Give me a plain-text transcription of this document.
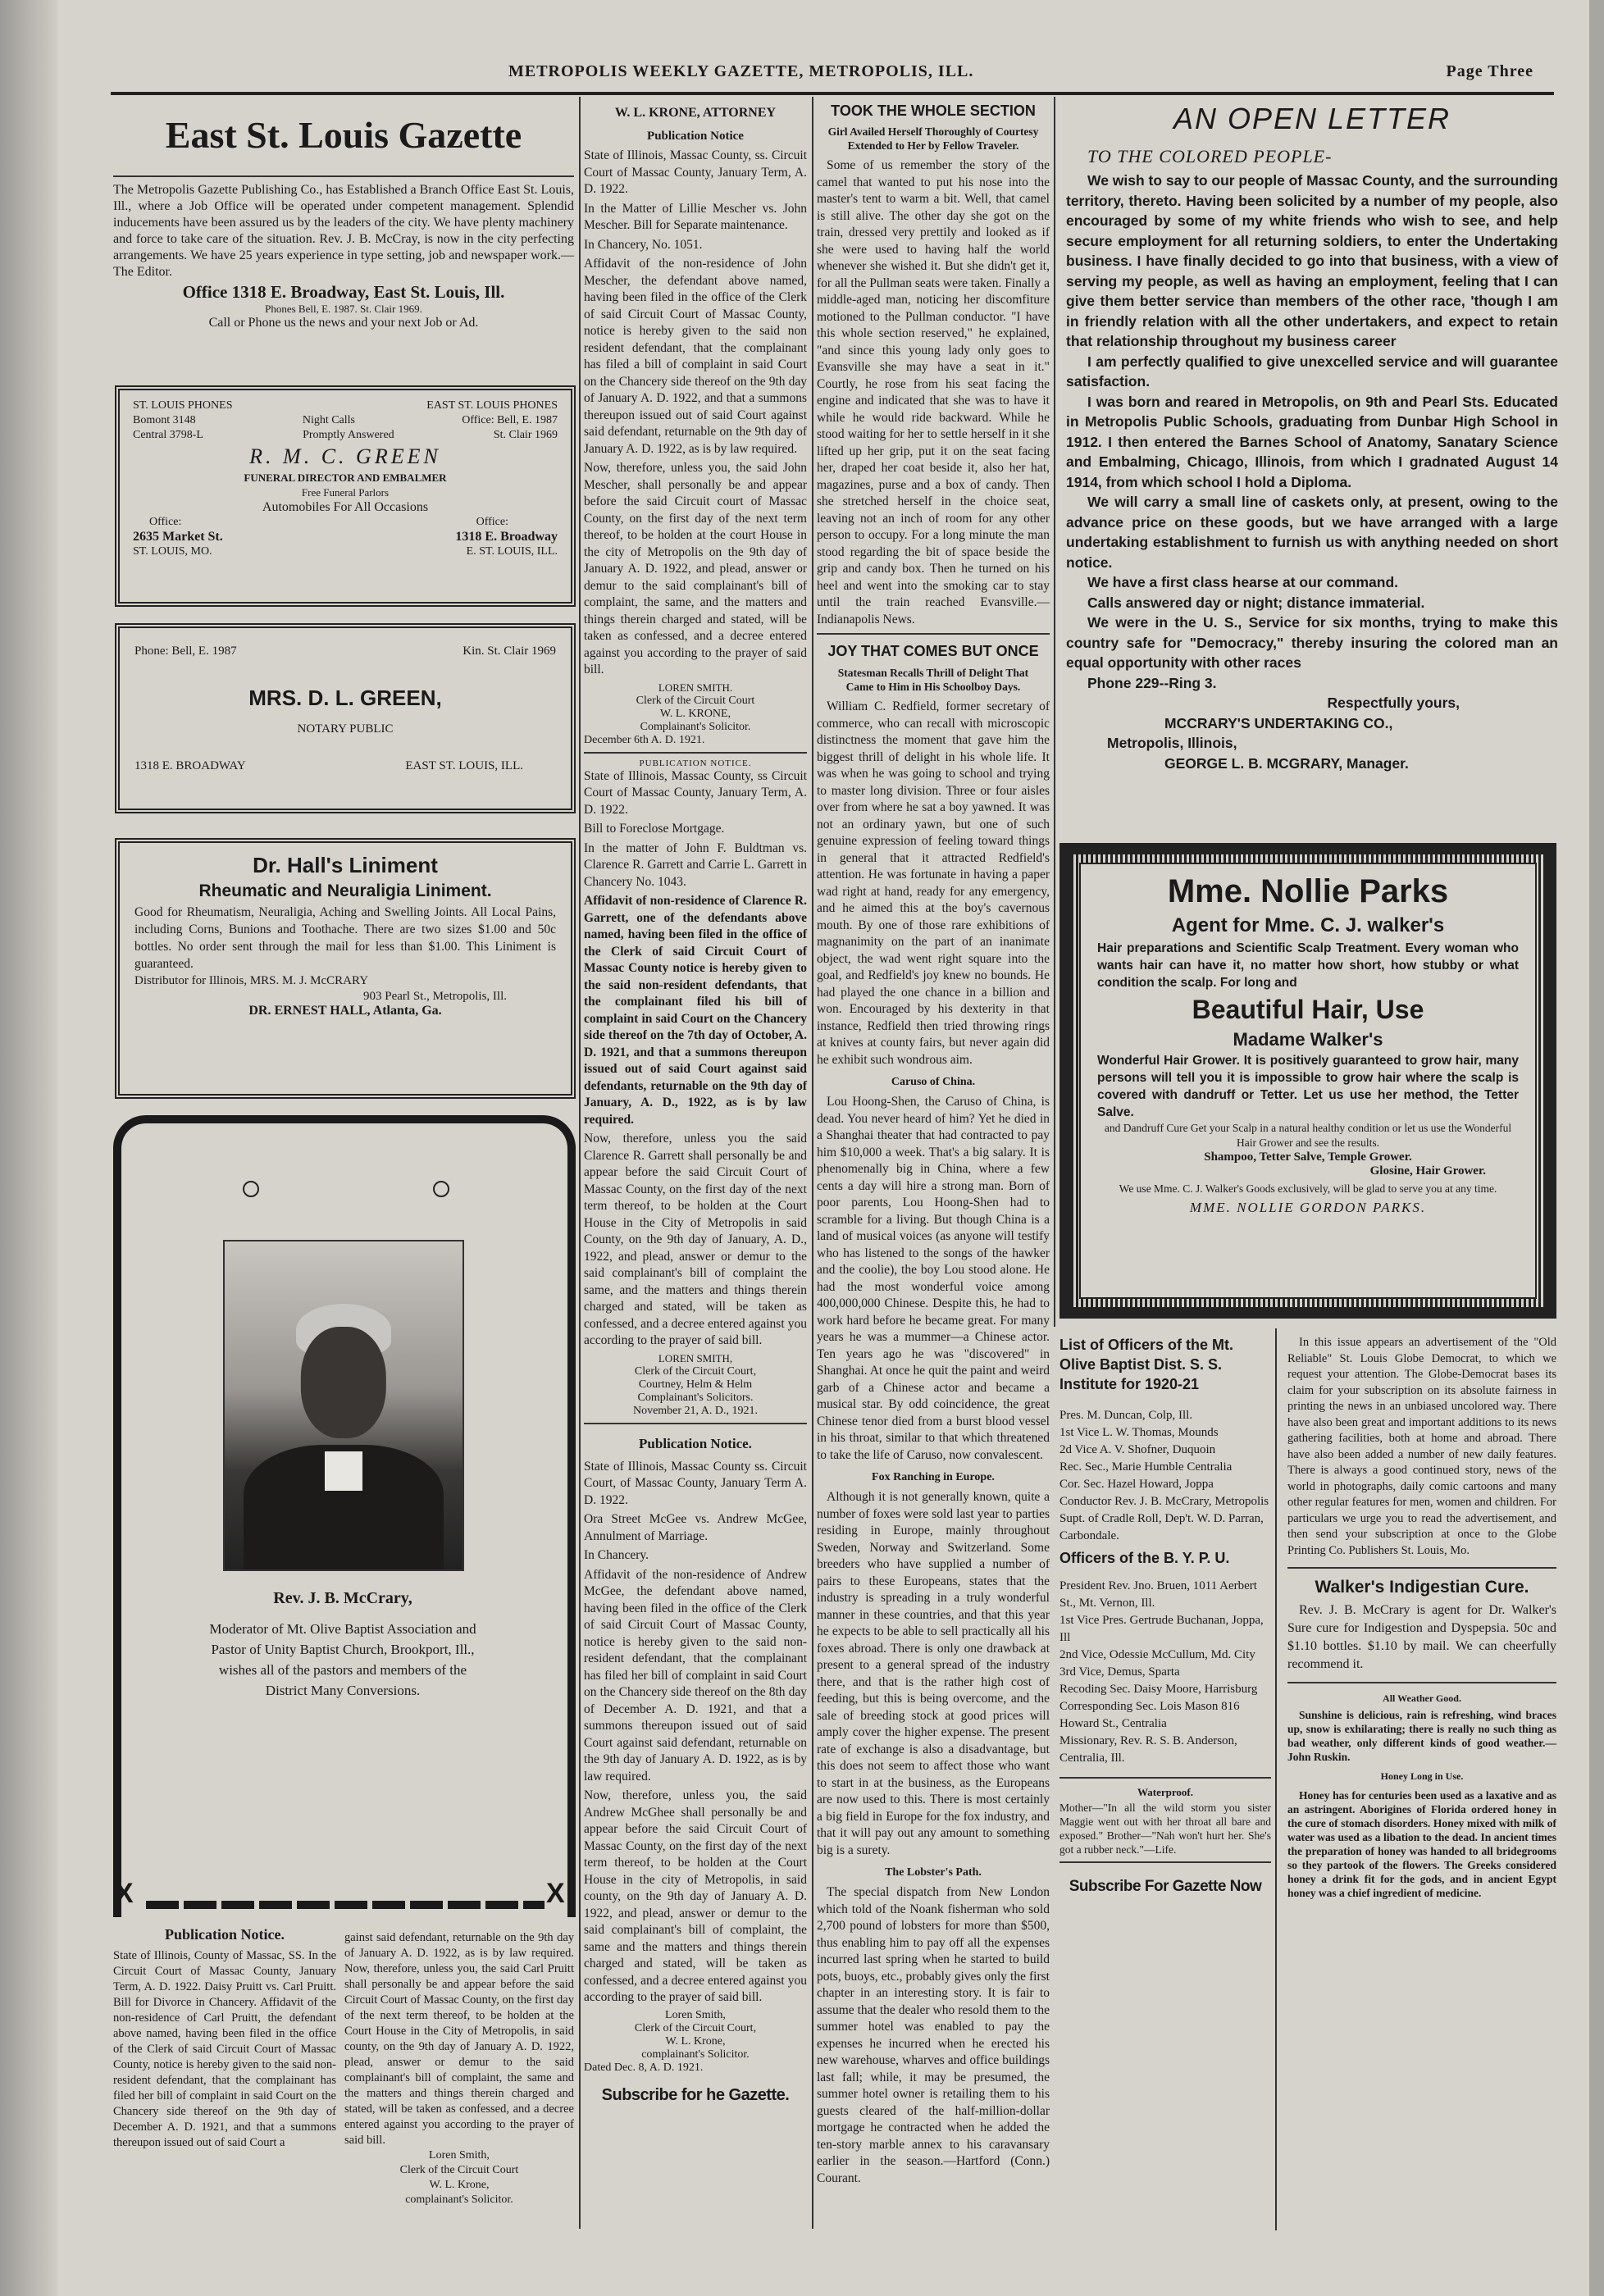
METROPOLIS WEEKLY GAZETTE, METROPOLIS, ILL.	Page Three
East St. Louis Gazette
The Metropolis Gazette Publishing Co., has Established a Branch Office East St. Louis, Ill., where a Job Office will be operated under competent management. Splendid inducements have been assured us by the leaders of the city. We have plenty machinery and force to take care of the situation. Rev. J. B. McCray, is now in the city perfecting arrangements. We have 25 years experience in type setting, job and newspaper work.—The Editor.
Office 1318 E. Broadway, East St. Louis, Ill.
Phones Bell, E. 1987. St. Clair 1969.
Call or Phone us the news and your next Job or Ad.
ST. LOUIS PHONES	EAST ST. LOUIS PHONES
Bomont 3148	Night Calls	Office: Bell, E. 1987
Central 3798-L	Promptly Answered	St. Clair 1969
R. M. C. GREEN
FUNERAL DIRECTOR AND EMBALMER
Free Funeral Parlors
Automobiles For All Occasions
Office:	Office:
2635 Market St.	1318 E. Broadway
ST. LOUIS, MO.	E. ST. LOUIS, ILL.
Phone: Bell, E. 1987	Kin. St. Clair 1969
MRS. D. L. GREEN,
NOTARY PUBLIC
1318 E. BROADWAY	EAST ST. LOUIS, ILL.
Dr. Hall's Liniment
Rheumatic and Neuraligia Liniment.
Good for Rheumatism, Neuraligia, Aching and Swelling Joints. All Local Pains, including Corns, Bunions and Toothache. There are two sizes $1.00 and 50c bottles. No order sent through the mail for less than $1.00. This Liniment is guaranteed.
Distributor for Illinois, MRS. M. J. McCRARY
903 Pearl St., Metropolis, Ill.
DR. ERNEST HALL, Atlanta, Ga.
Rev. J. B. McCrary,
Moderator of Mt. Olive Baptist Association and Pastor of Unity Baptist Church, Brookport, Ill., wishes all of the pastors and members of the District Many Conversions.
X	X
Publication Notice.
State of Illinois, County of Massac, SS. In the Circuit Court of Massac County, January Term, A. D. 1922. Daisy Pruitt vs. Carl Pruitt. Bill for Divorce in Chancery. Affidavit of the non-residence of Carl Pruitt, the defendant above named, having been filed in the office of the Clerk of said Circuit Court of Massac County, notice is hereby given to the said non-resident defendant, that the complainant has filed her bill of complaint in said Court on the Chancery side thereof on the 9th day of December A. D. 1921, and that a summons thereupon issued out of said Court a
gainst said defendant, returnable on the 9th day of January A. D. 1922, as is by law required. Now, therefore, unless you, the said Carl Pruitt shall personally be and appear before the said Circuit Court of Massac County, on the first day of the next term thereof, to be holden at the Court House in the City of Metropolis, in said county, on the 9th day of January A. D. 1922, plead, answer or demur to the said complainant's bill of complaint, the same and the matters and things therein charged and stated, will be taken as confessed, and a decree entered against you according to the prayer of said bill.
Loren Smith,
Clerk of the Circuit Court
W. L. Krone,
complainant's Solicitor.
W. L. KRONE, ATTORNEY
Publication Notice

State of Illinois, Massac County, ss. Circuit Court of Massac County, January Term, A. D. 1922.

In the Matter of Lillie Mescher vs. John Mescher. Bill for Separate maintenance.

In Chancery, No. 1051.

Affidavit of the non-residence of John Mescher, the defendant above named, having been filed in the office of the Clerk of said Circuit Court of Massac County, notice is hereby given to the said non resident defendant, that the complainant has filed a bill of complaint in said Court on the Chancery side thereof on the 9th day of January A. D. 1922, and that a summons thereupon issued out of said Court against said defendant, returnable on the 9th day of January A. D. 1922, as is by law required.

Now, therefore, unless you, the said John Mescher, shall personally be and appear before the said Circuit court of Massac County, on the first day of the next term thereof, to be holden at the court House in the city of Metropolis on the 9th day of January A. D. 1922, and plead, answer or demur to the said complainant's bill of complaint, the same, and the matters and things therein charged and stated, will be taken as confessed, and a decree entered against you according to the prayer of said bill.

LOREN SMITH.
Clerk of the Circuit Court
W. L. KRONE,
Complainant's Solicitor.
December 6th A. D. 1921.
PUBLICATION NOTICE.

State of Illinois, Massac County, ss Circuit Court of Massac County, January Term, A. D. 1922.

Bill to Foreclose Mortgage.

In the matter of John F. Buldtman vs. Clarence R. Garrett and Carrie L. Garrett in Chancery No. 1043.

Affidavit of non-residence of Clarence R. Garrett, one of the defendants above named, having been filed in the office of the Clerk of said Circuit Court of Massac County notice is hereby given to the said non-resident defendants, that the complainant filed his bill of complaint in said Court on the Chancery side thereof on the 7th day of October, A. D. 1921, and that a summons thereupon issued out of said Court against said defendants, returnable on the 9th day of January, A. D., 1922, as is by law required.

Now, therefore, unless you the said Clarence R. Garrett shall personally be and appear before the said Circuit Court of Massac County, on the first day of the next term thereof, to be holden at the Court House in the City of Metropolis in said County, on the 9th day of January, A. D., 1922, and plead, answer or demur to the said complainant's bill of complaint the same, and the matters and things therein charged and stated, will be taken as confessed, and a decree entered against you according to the prayer of said bill.

LOREN SMITH,
Clerk of the Circuit Court,
Courtney, Helm & Helm
Complainant's Solicitors.
November 21, A. D., 1921.
Publication Notice.

State of Illinois, Massac County ss. Circuit Court, of Massac County, January Term A. D. 1922.

Ora Street McGee vs. Andrew McGee, Annulment of Marriage.

In Chancery.

Affidavit of the non-residence of Andrew McGee, the defendant above named, having been filed in the office of the Clerk of said Circuit Court of Massac County, notice is hereby given to the said non-resident defendant, that the complainant has filed her bill of complaint in said Court on the Chancery side thereof on the 8th day of December A. D. 1921, and that a summons thereupon issued out of said Court against said defendant, returnable on the 9th day of January A. D. 1922, as is by law required.

Now, therefore, unless you, the said Andrew McGhee shall personally be and appear before the said Circuit Court of Massac County, on the first day of the next term thereof, to be holden at the Court House in the city of Metropolis, in said county, on the 9th day of January A. D. 1922, and plead, answer or demur to the said complainant's bill of complaint, the same and the matters and things therein charged and stated, will be taken as confessed, and a decree entered against you according to the prayer of said bill.

Loren Smith,
Clerk of the Circuit Court,
W. L. Krone,
complainant's Solicitor.
Dated Dec. 8, A. D. 1921.
Subscribe for he Gazette.
TOOK THE WHOLE SECTION
Girl Availed Herself Thoroughly of Courtesy Extended to Her by Fellow Traveler.

Some of us remember the story of the camel that wanted to put his nose into the master's tent to warm a bit. Well, that camel is still alive. The other day she got on the train, dressed very prettily and looked as if she were used to having half the world whenever she wished it. But she didn't get it, for all the Pullman seats were taken. Finally a middle-aged man, noticing her discomfiture motioned to the Pullman conductor. "I have this whole section reserved," he explained, "and since this young lady only goes to Evansville she may have a seat in it." Courtly, he rose from his seat facing the engine and indicated that she was to have it while he would ride backward. While he stood waiting for her to settle herself in it she lifted up her grip, put it on the seat facing her, draped her coat beside it, also her hat, magazines, purse and a box of candy. Then she stretched herself in the choice seat, leaving not an inch of room for any other person to occupy. For a long minute the man stood regarding the bit of space beside the grip and candy box. Then he turned on his heel and went into the smoking car to stay until the train reached Evansville.—Indianapolis News.

JOY THAT COMES BUT ONCE
Statesman Recalls Thrill of Delight That Came to Him in His Schoolboy Days.

William C. Redfield, former secretary of commerce, who can recall with microscopic distinctness the moment that gave him the biggest thrill of delight in his whole life. It was when he was going to school and trying to master long division. Three or four aisles over from where he sat a boy yawned. It was not an ordinary yawn, but one of such genuine expression of feeling toward things in general that it attracted Redfield's attention. He was fortunate in having a paper wad right at hand, ready for any emergency, and he aimed this at the boy's cavernous mouth. By one of those rare exhibitions of magnanimity on the part of an inanimate object, the wad went right square into the goal, and Redfield's joy knew no bounds. He had played the one chance in a billion and won. Encouraged by his dexterity in that instance, Redfield then tried throwing rings at knives at county fairs, but never again did he exhibit such wondrous aim.

Caruso of China.

Lou Hoong-Shen, the Caruso of China, is dead. You never heard of him? Yet he died in a Shanghai theater that had contracted to pay him $10,000 a week. That's a big salary. It is phenomenally big in China, where a few cents a day will hire a strong man. Born of poor parents, Lou Hoong-Shen had to scramble for a living. But though China is a land of musical voices (as anyone will testify who has listened to the songs of the hawker and the coolie), the boy Lou stood alone. He had the most wonderful voice among 400,000,000 Chinese. Despite this, he had to work hard before he became great. For many years he was a mummer—a Chinese actor. Ten years ago he was "discovered" in Shanghai. At once he quit the paint and weird garb of a Chinese actor and became a musical star. By odd coincidence, the great Chinese tenor died from a burst blood vessel in his throat, similar to that which threatened to take the life of Caruso, now convalescent.

Fox Ranching in Europe.

Although it is not generally known, quite a number of foxes were sold last year to parties residing in Europe, mainly throughout Sweden, Norway and Switzerland. Some breeders who have supplied a number of pairs to these Europeans, states that the industry is spreading in a truly wonderful manner in these countries, and that this year he expects to be able to sell practically all his foxes abroad. There is only one drawback at present to a general spread of the industry there, and that is the rather high cost of feeding, but this is being overcome, and the sale of breeding stock at good prices will amply cover the higher expense. The present rate of exchange is also a disadvantage, but this does not seem to affect those who want to start in at the business, as the Europeans are now used to this. There is most certainly a big field in Europe for the fox industry, and that it will pay out any amount to something big is a surety.

The Lobster's Path.

The special dispatch from New London which told of the Noank fisherman who sold 2,700 pound of lobsters for more than $500, thus enabling him to pay off all the expenses incurred last spring when he started to build pots, buoys, etc., probably gives only the first chapter in an interesting story. It is fair to assume that the dealer who resold them to the summer hotel was enabled to pay the expenses he incurred when he erected his new warehouse, wharves and office buildings last fall; while, it may be presumed, the summer hotel owner is retailing them to his guests cleared of the half-million-dollar mortgage he contracted when he added the ten-story marble annex to his caravansary earlier in the season.—Hartford (Conn.) Courant.

AN OPEN LETTER
TO THE COLORED PEOPLE-
We wish to say to our people of Massac County, and the surrounding territory, thereto. Having been solicited by a number of my people, also encouraged by some of my white friends who wish to see, and help secure employment for all returning soldiers, to enter the Undertaking business. I have finally decided to go into that business, with a view of serving my people, as well as having an employment, feeling that I can give them better service than members of the other race, 'though I am in friendly relation with all the other undertakers, and expect to retain that relationship throughout my business career
I am perfectly qualified to give unexcelled service and will guarantee satisfaction.
I was born and reared in Metropolis, on 9th and Pearl Sts. Educated in Metropolis Public Schools, graduating from Dunbar High School in 1912. I then entered the Barnes School of Anatomy, Sanatary Science and Embalming, Chicago, Illinois, from which I gradnated August 14 1914, from which school I hold a Diploma.
We will carry a small line of caskets only, at present, owing to the advance price on these goods, but we have arranged with a large undertaking establishment to furnish us with anything needed on short notice.
We have a first class hearse at our command.
Calls answered day or night; distance immaterial.
We were in the U. S., Service for six months, trying to make this country safe for "Democracy," thereby insuring the colored man an equal opportunity with other races
Phone 229--Ring 3.
Respectfully yours,
MCCRARY'S UNDERTAKING CO.,
Metropolis, Illinois,
GEORGE L. B. MCGRARY, Manager.
Mme. Nollie Parks
Agent for Mme. C. J. walker's
Hair preparations and Scientific Scalp Treatment. Every woman who wants hair can have it, no matter how short, how stubby or what condition the scalp. For long and
Beautiful Hair, Use
Madame Walker's
Wonderful Hair Grower. It is positively guaranteed to grow hair, many persons will tell you it is impossible to grow hair where the scalp is covered with dandruff or Tetter. Let us use her method, the Tetter Salve.
and Dandruff Cure Get your Scalp in a natural healthy condition or let us use the Wonderful Hair Grower and see the results.
Shampoo, Tetter Salve, Temple Grower.
Glosine, Hair Grower.
We use Mme. C. J. Walker's Goods exclusively, will be glad to serve you at any time.
MME. NOLLIE GORDON PARKS.
List of Officers of the Mt. Olive Baptist Dist. S. S. Institute for 1920-21
Pres. M. Duncan, Colp, Ill.
1st Vice L. W. Thomas, Mounds
2d Vice A. V. Shofner, Duquoin
Rec. Sec., Marie Humble Centralia
Cor. Sec. Hazel Howard, Joppa
Conductor Rev. J. B. McCrary, Metropolis
Supt. of Cradle Roll, Dep't. W. D. Parran, Carbondale.
Officers of the B. Y. P. U.
President Rev. Jno. Bruen, 1011 Aerbert St., Mt. Vernon, Ill.
1st Vice Pres. Gertrude Buchanan, Joppa, Ill
2nd Vice, Odessie McCullum, Md. City
3rd Vice, Demus, Sparta
Recoding Sec. Daisy Moore, Harrisburg
Corresponding Sec. Lois Mason 816 Howard St., Centralia
Missionary, Rev. R. S. B. Anderson, Centralia, Ill.
Waterproof.
Mother—"In all the wild storm you sister Maggie went out with her throat all bare and exposed." Brother—"Nah won't hurt her. She's got a rubber neck."—Life.
Subscribe For Gazette Now
In this issue appears an advertisement of the "Old Reliable" St. Louis Globe Democrat, to which we request your attention. The Globe-Democrat bases its claim for your subscription on its absolute fairness in printing the news in an unbiased uncolored way. There have also been great and important additions to its news gathering facilities, both at home and abroad. There have also been added a number of new daily features. There is always a good continued story, news of the world in photographs, daily comic cartoons and many other regular features for men, women and children. For particulars we urge you to read the advertisement, and then send your subscription at once to the Globe Printing Co. Publishers St. Louis, Mo.
Walker's Indigestian Cure.
Rev. J. B. McCrary is agent for Dr. Walker's Sure cure for Indigestion and Dyspepsia. 50c and $1.10 bottles. $1.10 by mail. We can cheerfully recommend it.
All Weather Good.
Sunshine is delicious, rain is refreshing, wind braces up, snow is exhilarating; there is really no such thing as bad weather, only different kinds of good weather.—John Ruskin.
Honey Long in Use.
Honey has for centuries been used as a laxative and as an astringent. Aborigines of Florida ordered honey in the cure of stomach disorders. Honey mixed with milk of water was used as a libation to the dead. In ancient times the preparation of honey was handed to all bridegrooms so they partook of the flowers. The Greeks considered honey a drink fit for the gods, and in ancient Egypt honey was a chief ingredient of medicine.
